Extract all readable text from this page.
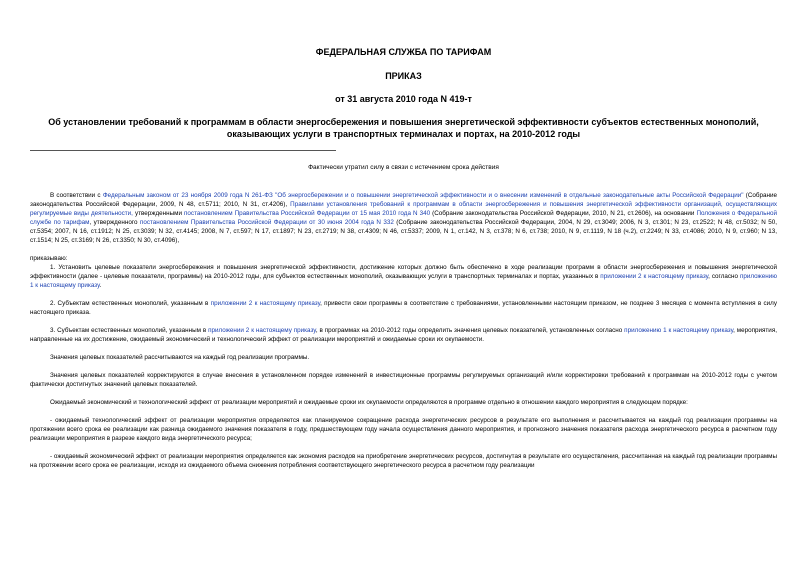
ФЕДЕРАЛЬНАЯ СЛУЖБА ПО ТАРИФАМ
ПРИКАЗ
от 31 августа 2010 года N 419-т
Об установлении требований к программам в области энергосбережения и повышения энергетической эффективности субъектов естественных монополий, оказывающих услуги в транспортных терминалах и портах, на 2010-2012 годы
Фактически утратил силу в связи с истечением срока действия

В соответствии с Федеральным законом от 23 ноября 2009 года N 261-ФЗ "Об энергосбережении и о повышении энергетической эффективности и о внесении изменений в отдельные законодательные акты Российской Федерации" (Собрание законодательства Российской Федерации, 2009, N 48, ст.5711; 2010, N 31, ст.4206), Правилами установления требований к программам в области энергосбережения и повышения энергетической эффективности организаций, осуществляющих регулируемые виды деятельности, утвержденными постановлением Правительства Российской Федерации от 15 мая 2010 года N 340 (Собрание законодательства Российской Федерации, 2010, N 21, ст.2606), на основании Положения о Федеральной службе по тарифам, утвержденного постановлением Правительства Российской Федерации от 30 июня 2004 года N 332 (Собрание законодательства Российской Федерации, 2004, N 29, ст.3049; 2006, N 3, ст.301; N 23, ст.2522; N 48, ст.5032; N 50, ст.5354; 2007, N 16, ст.1912; N 25, ст.3039; N 32, ст.4145; 2008, N 7, ст.597; N 17, ст.1897; N 23, ст.2719; N 38, ст.4309; N 46, ст.5337; 2009, N 1, ст.142, N 3, ст.378; N 6, ст.738; 2010, N 9, ст.1119, N 18 (ч.2), ст.2249; N 33, ст.4086; 2010, N 9, ст.960; N 13, ст.1514; N 25, ст.3169; N 26, ст.3350; N 30, ст.4096),

приказываю:

1. Установить целевые показатели энергосбережения и повышения энергетической эффективности, достижение которых должно быть обеспечено в ходе реализации программ в области энергосбережения и повышения энергетической эффективности (далее - целевые показатели, программы) на 2010-2012 годы, для субъектов естественных монополий, оказывающих услуги в транспортных терминалах и портах, указанных в приложении 2 к настоящему приказу, согласно приложению 1 к настоящему приказу.

2. Субъектам естественных монополий, указанным в приложении 2 к настоящему приказу, привести свои программы в соответствие с требованиями, установленными настоящим приказом, не позднее 3 месяцев с момента вступления в силу настоящего приказа.

3. Субъектам естественных монополий, указанным в приложении 2 к настоящему приказу, в программах на 2010-2012 годы определить значения целевых показателей, установленных согласно приложению 1 к настоящему приказу, мероприятия, направленные на их достижение, ожидаемый экономический и технологический эффект от реализации мероприятий и ожидаемые сроки их окупаемости.

Значения целевых показателей рассчитываются на каждый год реализации программы.

Значения целевых показателей корректируются в случае внесения в установленном порядке изменений в инвестиционные программы регулируемых организаций и/или корректировки требований к программам на 2010-2012 годы с учетом фактически достигнутых значений целевых показателей.

Ожидаемый экономический и технологический эффект от реализации мероприятий и ожидаемые сроки их окупаемости определяются в программе отдельно в отношении каждого мероприятия в следующем порядке:

- ожидаемый технологический эффект от реализации мероприятия определяется как планируемое сокращение расхода энергетических ресурсов в результате его выполнения и рассчитывается на каждый год реализации программы на протяжении всего срока ее реализации как разница ожидаемого значения показателя в году, предшествующем году начала осуществления данного мероприятия, и прогнозного значения показателя расхода энергетического ресурса в расчетном году реализации мероприятия в разрезе каждого вида энергетического ресурса;

- ожидаемый экономический эффект от реализации мероприятия определяется как экономия расходов на приобретение энергетических ресурсов, достигнутая в результате его осуществления, рассчитанная на каждый год реализации программы на протяжении всего срока ее реализации, исходя из ожидаемого объема снижения потребления соответствующего энергетического ресурса в расчетном году реализации
